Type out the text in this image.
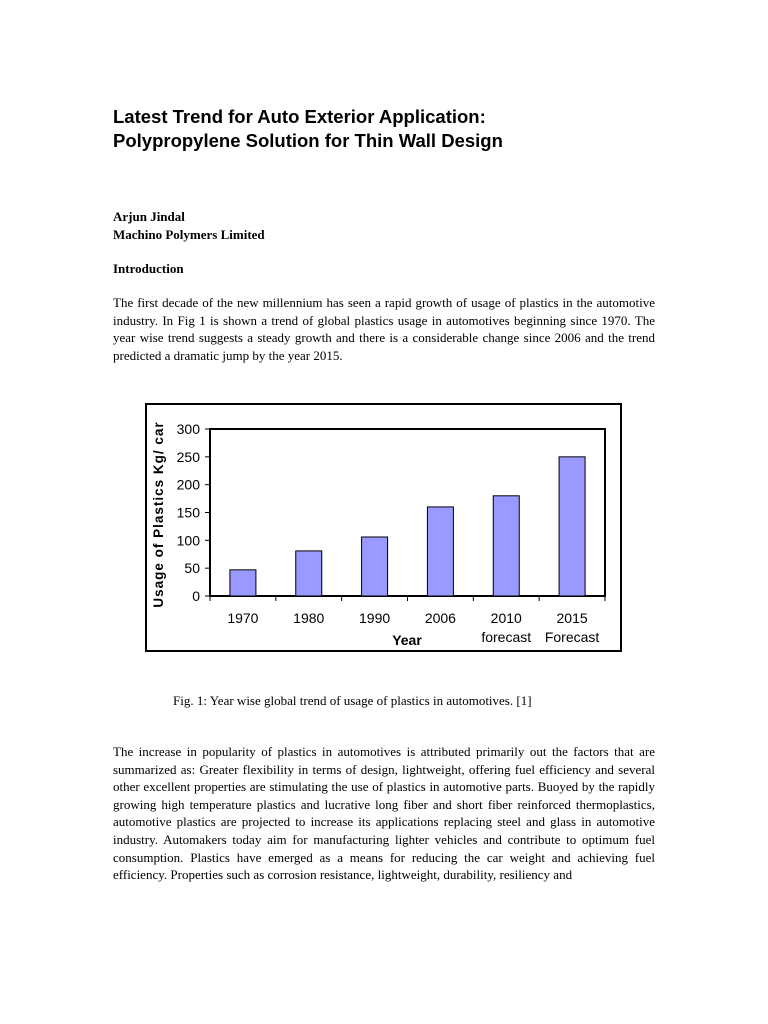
Latest Trend for Auto Exterior Application:
Polypropylene Solution for Thin Wall Design
Arjun Jindal
Machino Polymers Limited
Introduction
The first decade of the new millennium has seen a rapid growth of usage of plastics in the automotive industry. In Fig 1 is shown a trend of global plastics usage in automotives beginning since 1970. The year wise trend suggests a steady growth and there is a considerable change since 2006 and the trend predicted a dramatic jump by the year 2015.
0
50
100
150
200
250
300
1970 1980 1990 2006 2010
forecast
2015
Forecast
Year
Usage of Plastics Kg/ car
Fig. 1: Year wise global trend of usage of plastics in automotives. [1]
The increase in popularity of plastics in automotives is attributed primarily out the factors that are summarized as: Greater flexibility in terms of design, lightweight, offering fuel efficiency and several other excellent properties are stimulating the use of plastics in automotive parts. Buoyed by the rapidly growing high temperature plastics and lucrative long fiber and short fiber reinforced thermoplastics, automotive plastics are projected to increase its applications replacing steel and glass in automotive industry. Automakers today aim for manufacturing lighter vehicles and contribute to optimum fuel consumption. Plastics have emerged as a means for reducing the car weight and achieving fuel efficiency. Properties such as corrosion resistance, lightweight, durability, resiliency and
